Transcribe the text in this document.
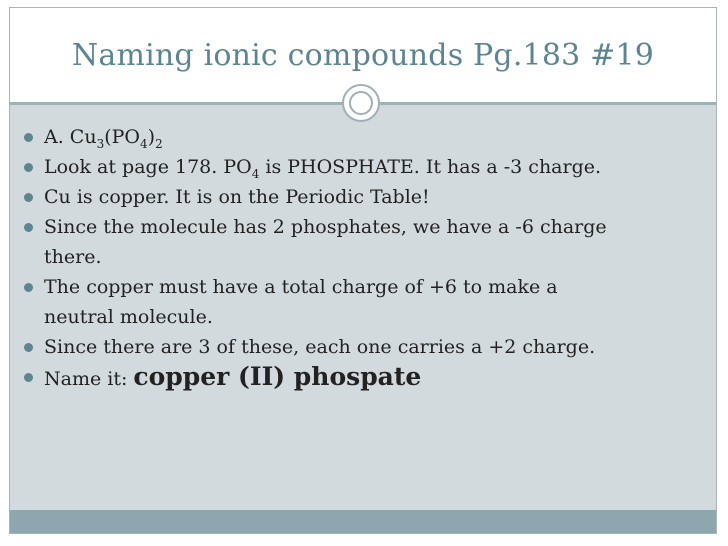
Naming ionic compounds Pg.183 #19
A. $Cu_3(PO_4)_2$
Look at page 178. $PO_4$ is PHOSPHATE. It has a -3 charge.
Cu is copper. It is on the Periodic Table!
Since the molecule has 2 phosphates, we have a -6 charge
there.
The copper must have a total charge of +6 to make a
neutral molecule.
Since there are 3 of these, each one carries a +2 charge.
Name it: copper (II) phospate
